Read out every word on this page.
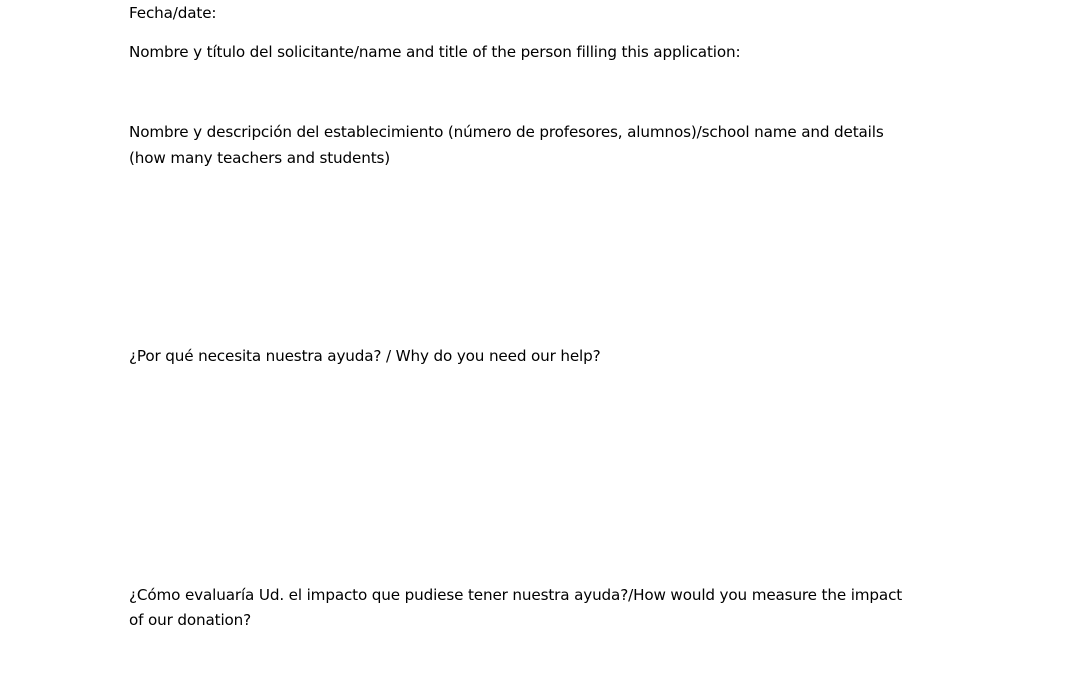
Fecha/date:

Nombre y título del solicitante/name and title of the person filling this application:

Nombre y descripción del establecimiento (número de profesores, alumnos)/school name and details

(how many teachers and students)

¿Por qué necesita nuestra ayuda? / Why do you need our help?

¿Cómo evaluaría Ud. el impacto que pudiese tener nuestra ayuda?/How would you measure the impact

of our donation?
